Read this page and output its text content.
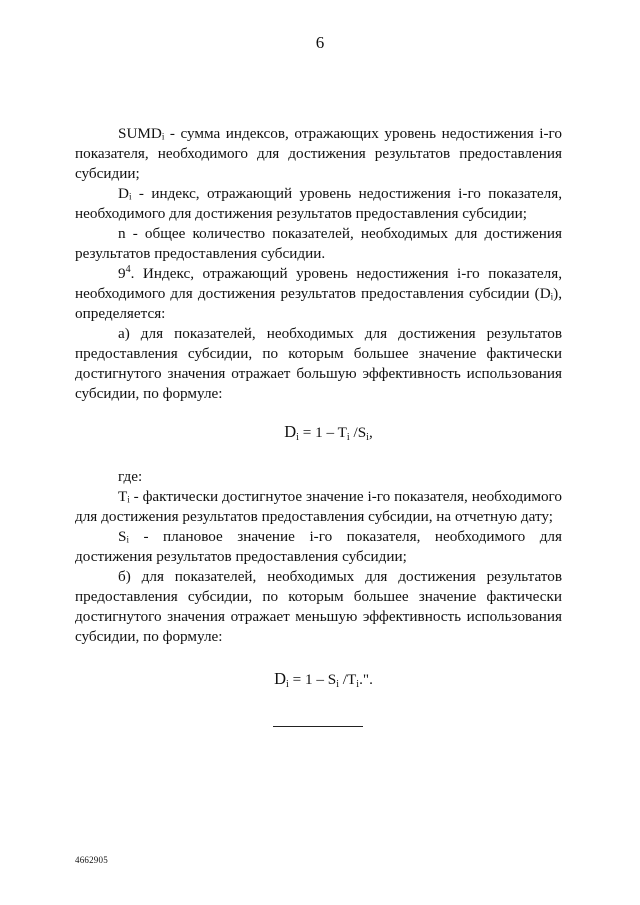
6

SUMDᵢ - сумма индексов, отражающих уровень недостижения i-го показателя, необходимого для достижения результатов предоставления субсидии;

Dᵢ - индекс, отражающий уровень недостижения i-го показателя, необходимого для достижения результатов предоставления субсидии;

n - общее количество показателей, необходимых для достижения результатов предоставления субсидии.

$9^4$. Индекс, отражающий уровень недостижения i-го показателя, необходимого для достижения результатов предоставления субсидии (Dᵢ), определяется:

а) для показателей, необходимых для достижения результатов предоставления субсидии, по которым большее значение фактически достигнутого значения отражает большую эффективность использования субсидии, по формуле:

$D_i = 1 - T_i$ $/S_i$,

где:

Tᵢ - фактически достигнутое значение i-го показателя, необходимого для достижения результатов предоставления субсидии, на отчетную дату;

Sᵢ - плановое значение i-го показателя, необходимого для достижения результатов предоставления субсидии;

б) для показателей, необходимых для достижения результатов предоставления субсидии, по которым большее значение фактически достигнутого значения отражает меньшую эффективность использования субсидии, по формуле:

$D_i = 1 - S_i$ $/T_i$.".

4662905
